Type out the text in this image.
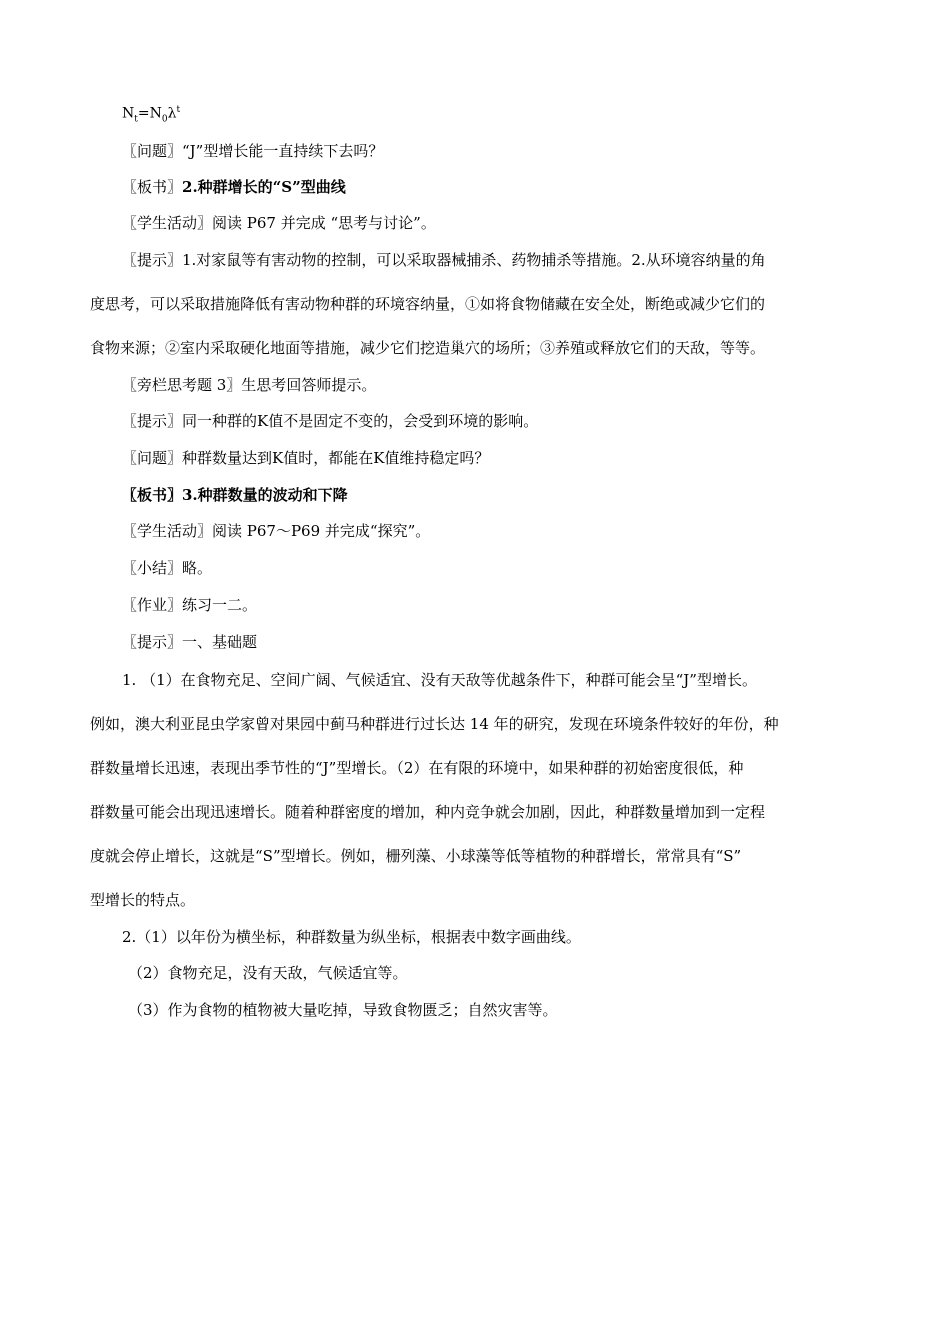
$N_t=N_0\lambda^t$
〖问题〗“J”型增长能一直持续下去吗？
〖板书〗2.种群增长的“S”型曲线
〖学生活动〗阅读 P67 并完成 “思考与讨论”。
〖提示〗1.对家鼠等有害动物的控制，可以采取器械捕杀、药物捕杀等措施。2.从环境容纳量的角
度思考，可以采取措施降低有害动物种群的环境容纳量，①如将食物储藏在安全处，断绝或减少它们的
食物来源；②室内采取硬化地面等措施，减少它们挖造巢穴的场所；③养殖或释放它们的天敌，等等。
〖旁栏思考题 3〗生思考回答师提示。
〖提示〗同一种群的K值不是固定不变的，会受到环境的影响。
〖问题〗种群数量达到K值时，都能在K值维持稳定吗？
〖板书〗3.种群数量的波动和下降
〖学生活动〗阅读 P67～P69 并完成“探究”。
〖小结〗略。
〖作业〗练习一二。
〖提示〗一、基础题
1. （1）在食物充足、空间广阔、气候适宜、没有天敌等优越条件下，种群可能会呈“J”型增长。
例如，澳大利亚昆虫学家曾对果园中蓟马种群进行过长达 14 年的研究，发现在环境条件较好的年份，种
群数量增长迅速，表现出季节性的“J”型增长。（2）在有限的环境中，如果种群的初始密度很低，种
群数量可能会出现迅速增长。随着种群密度的增加，种内竞争就会加剧，因此，种群数量增加到一定程
度就会停止增长，这就是“S”型增长。例如，栅列藻、小球藻等低等植物的种群增长，常常具有“S”
型增长的特点。
2.（1）以年份为横坐标，种群数量为纵坐标，根据表中数字画曲线。
（2）食物充足，没有天敌，气候适宜等。
（3）作为食物的植物被大量吃掉，导致食物匮乏；自然灾害等。
